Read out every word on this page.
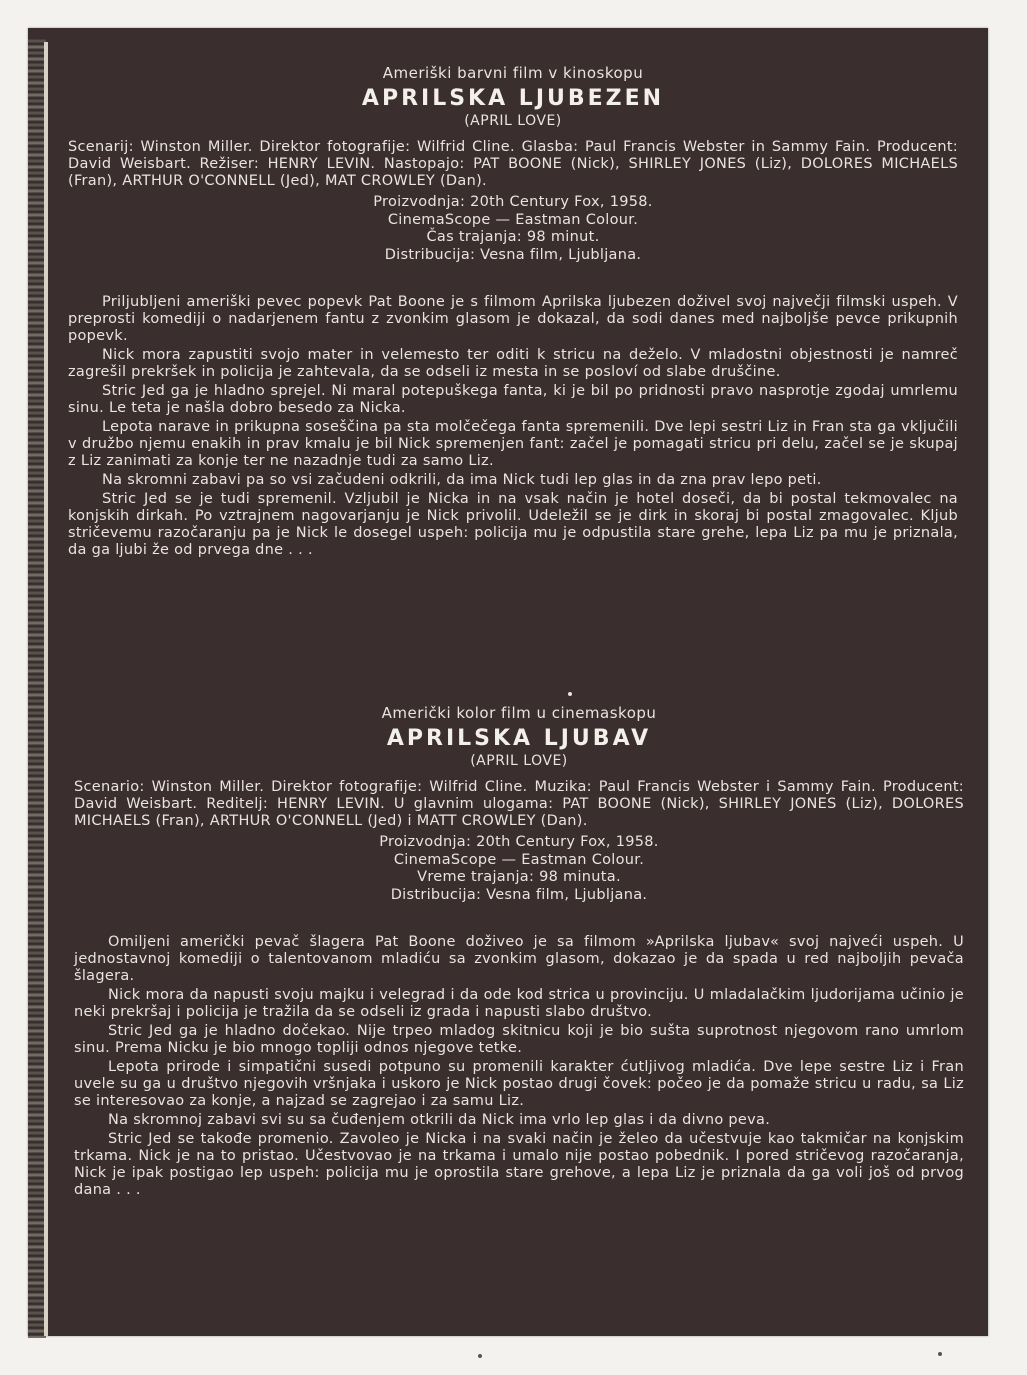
Ameriški barvni film v kinoskopu

APRILSKA LJUBEZEN

(APRIL LOVE)

Scenarij: Winston Miller. Direktor fotografije: Wilfrid Cline. Glasba: Paul Francis Webster in Sammy Fain. Producent: David Weisbart. Režiser: HENRY LEVIN. Nastopajo: PAT BOONE (Nick), SHIRLEY JONES (Liz), DOLORES MICHAELS (Fran), ARTHUR O'CONNELL (Jed), MAT CROWLEY (Dan).

Proizvodnja: 20th Century Fox, 1958.

CinemaScope — Eastman Colour.

Čas trajanja: 98 minut.

Distribucija: Vesna film, Ljubljana.

Priljubljeni ameriški pevec popevk Pat Boone je s filmom Aprilska ljubezen doživel svoj največji filmski uspeh. V preprosti komediji o nadarjenem fantu z zvonkim glasom je dokazal, da sodi danes med najboljše pevce prikupnih popevk.

Nick mora zapustiti svojo mater in velemesto ter oditi k stricu na deželo. V mladostni objestnosti je namreč zagrešil prekršek in policija je zahtevala, da se odseli iz mesta in se posloví od slabe druščine.

Stric Jed ga je hladno sprejel. Ni maral potepuškega fanta, ki je bil po pridnosti pravo nasprotje zgodaj umrlemu sinu. Le teta je našla dobro besedo za Nicka.

Lepota narave in prikupna soseščina pa sta molčečega fanta spremenili. Dve lepi sestri Liz in Fran sta ga vključili v družbo njemu enakih in prav kmalu je bil Nick spremenjen fant: začel je pomagati stricu pri delu, začel se je skupaj z Liz zanimati za konje ter ne nazadnje tudi za samo Liz.

Na skromni zabavi pa so vsi začudeni odkrili, da ima Nick tudi lep glas in da zna prav lepo peti.

Stric Jed se je tudi spremenil. Vzljubil je Nicka in na vsak način je hotel doseči, da bi postal tekmovalec na konjskih dirkah. Po vztrajnem nagovarjanju je Nick privolil. Udeležil se je dirk in skoraj bi postal zmagovalec. Kljub stričevemu razočaranju pa je Nick le dosegel uspeh: policija mu je odpustila stare grehe, lepa Liz pa mu je priznala, da ga ljubi že od prvega dne . . .

Američki kolor film u cinemaskopu

APRILSKA LJUBAV

(APRIL LOVE)

Scenario: Winston Miller. Direktor fotografije: Wilfrid Cline. Muzika: Paul Francis Webster i Sammy Fain. Producent: David Weisbart. Reditelj: HENRY LEVIN. U glavnim ulogama: PAT BOONE (Nick), SHIRLEY JONES (Liz), DOLORES MICHAELS (Fran), ARTHUR O'CONNELL (Jed) i MATT CROWLEY (Dan).

Proizvodnja: 20th Century Fox, 1958.

CinemaScope — Eastman Colour.

Vreme trajanja: 98 minuta.

Distribucija: Vesna film, Ljubljana.

Omiljeni američki pevač šlagera Pat Boone doživeo je sa filmom »Aprilska ljubav« svoj najveći uspeh. U jednostavnoj komediji o talentovanom mladiću sa zvonkim glasom, dokazao je da spada u red najboljih pevača šlagera.

Nick mora da napusti svoju majku i velegrad i da ode kod strica u provinciju. U mladalačkim ljudorijama učinio je neki prekršaj i policija je tražila da se odseli iz grada i napusti slabo društvo.

Stric Jed ga je hladno dočekao. Nije trpeo mladog skitnicu koji je bio sušta suprotnost njegovom rano umrlom sinu. Prema Nicku je bio mnogo topliji odnos njegove tetke.

Lepota prirode i simpatični susedi potpuno su promenili karakter ćutljivog mladića. Dve lepe sestre Liz i Fran uvele su ga u društvo njegovih vršnjaka i uskoro je Nick postao drugi čovek: počeo je da pomaže stricu u radu, sa Liz se interesovao za konje, a najzad se zagrejao i za samu Liz.

Na skromnoj zabavi svi su sa čuđenjem otkrili da Nick ima vrlo lep glas i da divno peva.

Stric Jed se takođe promenio. Zavoleo je Nicka i na svaki način je želeo da učestvuje kao takmičar na konjskim trkama. Nick je na to pristao. Učestvovao je na trkama i umalo nije postao pobednik. I pored stričevog razočaranja, Nick je ipak postigao lep uspeh: policija mu je oprostila stare grehove, a lepa Liz je priznala da ga voli još od prvog dana . . .
